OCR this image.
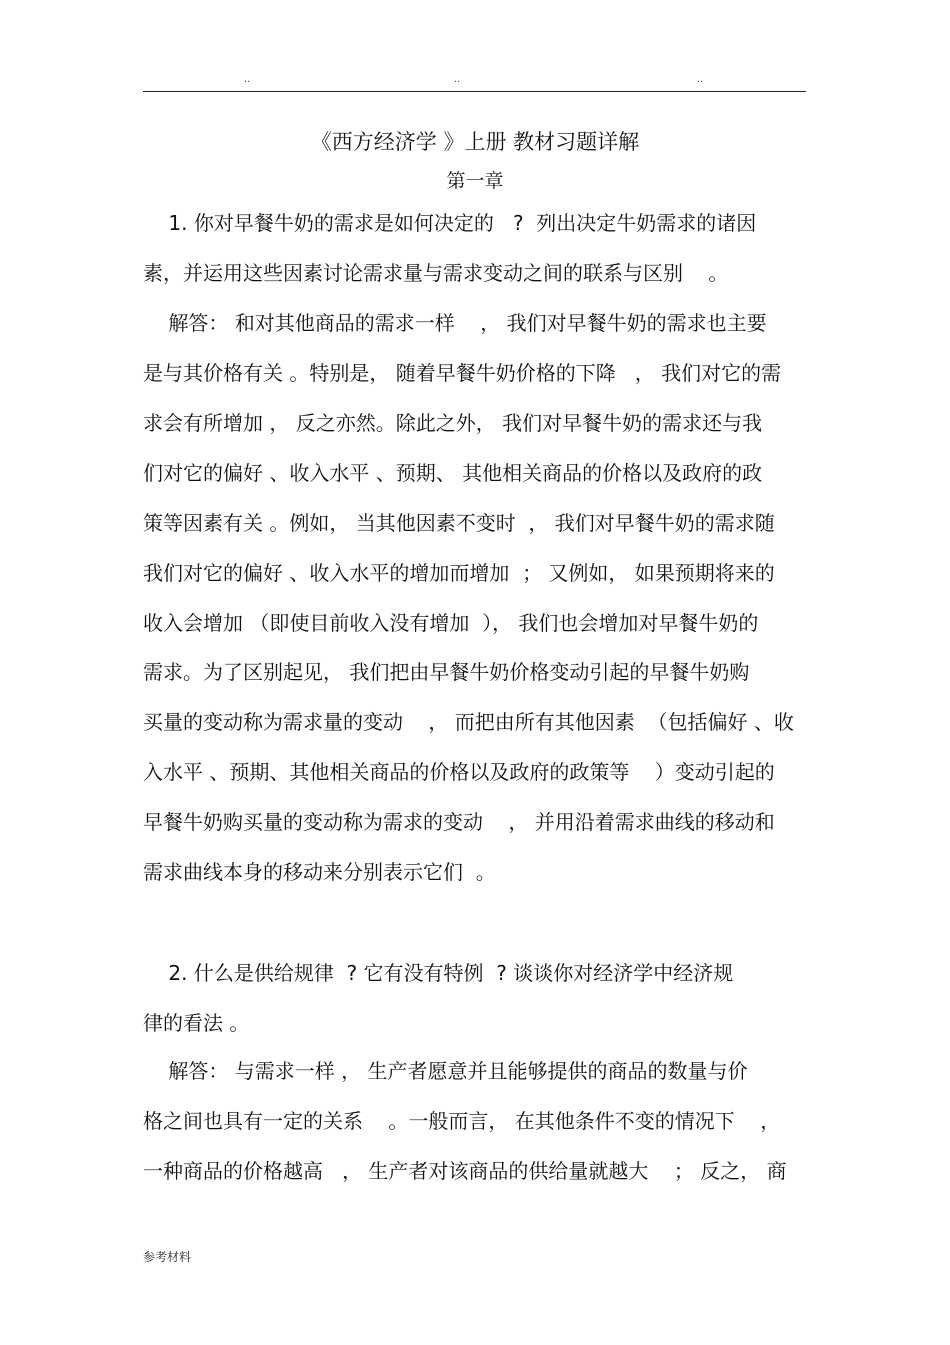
..	..	..
《西方经济学 》上册 教材习题详解
第一章
1. 你对早餐牛奶的需求是如何决定的   ?  列出决定牛奶需求的诸因
素，并运用这些因素讨论需求量与需求变动之间的联系与区别    。
解答： 和对其他商品的需求一样    ， 我们对早餐牛奶的需求也主要
是与其价格有关 。特别是， 随着早餐牛奶价格的下降   ， 我们对它的需
求会有所增加 ， 反之亦然。除此之外， 我们对早餐牛奶的需求还与我
们对它的偏好 、收入水平 、预期、 其他相关商品的价格以及政府的政
策等因素有关 。例如， 当其他因素不变时  ， 我们对早餐牛奶的需求随
我们对它的偏好 、收入水平的增加而增加  ； 又例如， 如果预期将来的
收入会增加 （即使目前收入没有增加  ）， 我们也会增加对早餐牛奶的
需求。为了区别起见， 我们把由早餐牛奶价格变动引起的早餐牛奶购
买量的变动称为需求量的变动    ， 而把由所有其他因素  （包括偏好 、收
入水平 、预期、其他相关商品的价格以及政府的政策等    ）变动引起的
早餐牛奶购买量的变动称为需求的变动    ， 并用沿着需求曲线的移动和
需求曲线本身的移动来分别表示它们  。
2. 什么是供给规律  ? 它有没有特例  ? 谈谈你对经济学中经济规
律的看法 。
解答： 与需求一样 ， 生产者愿意并且能够提供的商品的数量与价
格之间也具有一定的关系    。一般而言， 在其他条件不变的情况下    ，
一种商品的价格越高   ， 生产者对该商品的供给量就越大    ； 反之， 商
参考材料
